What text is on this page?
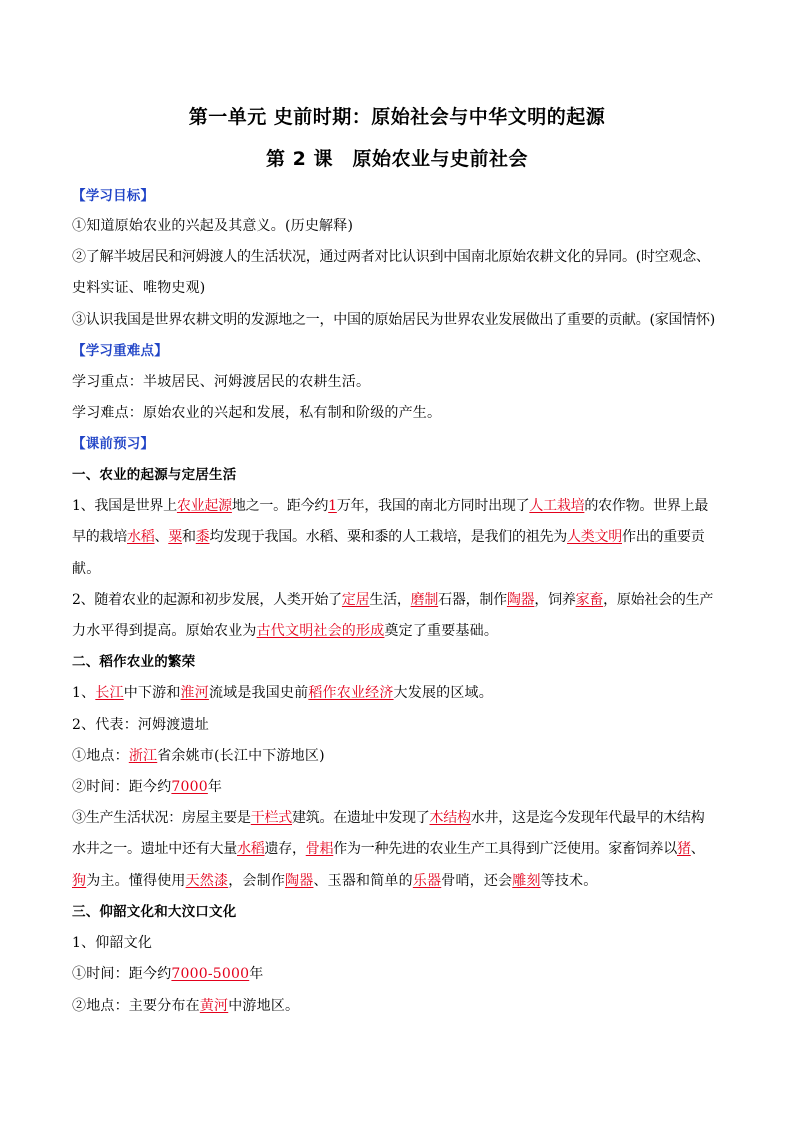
第一单元 史前时期：原始社会与中华文明的起源
第 2 课　原始农业与史前社会
【学习目标】
①知道原始农业的兴起及其意义。(历史解释)
②了解半坡居民和河姆渡人的生活状况，通过两者对比认识到中国南北原始农耕文化的异同。(时空观念、
史料实证、唯物史观)
③认识我国是世界农耕文明的发源地之一，中国的原始居民为世界农业发展做出了重要的贡献。(家国情怀)
【学习重难点】
学习重点：半坡居民、河姆渡居民的农耕生活。
学习难点：原始农业的兴起和发展，私有制和阶级的产生。
【课前预习】
一、农业的起源与定居生活
1、我国是世界上农业起源地之一。距今约1万年，我国的南北方同时出现了人工栽培的农作物。世界上最
早的栽培水稻、粟和黍均发现于我国。水稻、粟和黍的人工栽培，是我们的祖先为人类文明作出的重要贡
献。
2、随着农业的起源和初步发展，人类开始了定居生活，磨制石器，制作陶器，饲养家畜，原始社会的生产
力水平得到提高。原始农业为古代文明社会的形成奠定了重要基础。
二、稻作农业的繁荣
1、长江中下游和淮河流域是我国史前稻作农业经济大发展的区域。
2、代表：河姆渡遗址
①地点：浙江省余姚市(长江中下游地区)
②时间：距今约7000年
③生产生活状况：房屋主要是干栏式建筑。在遗址中发现了木结构水井，这是迄今发现年代最早的木结构
水井之一。遗址中还有大量水稻遗存，骨耜作为一种先进的农业生产工具得到广泛使用。家畜饲养以猪、
狗为主。懂得使用天然漆，会制作陶器、玉器和简单的乐器骨哨，还会雕刻等技术。
三、仰韶文化和大汶口文化
1、仰韶文化
①时间：距今约7000-5000年
②地点：主要分布在黄河中游地区。
